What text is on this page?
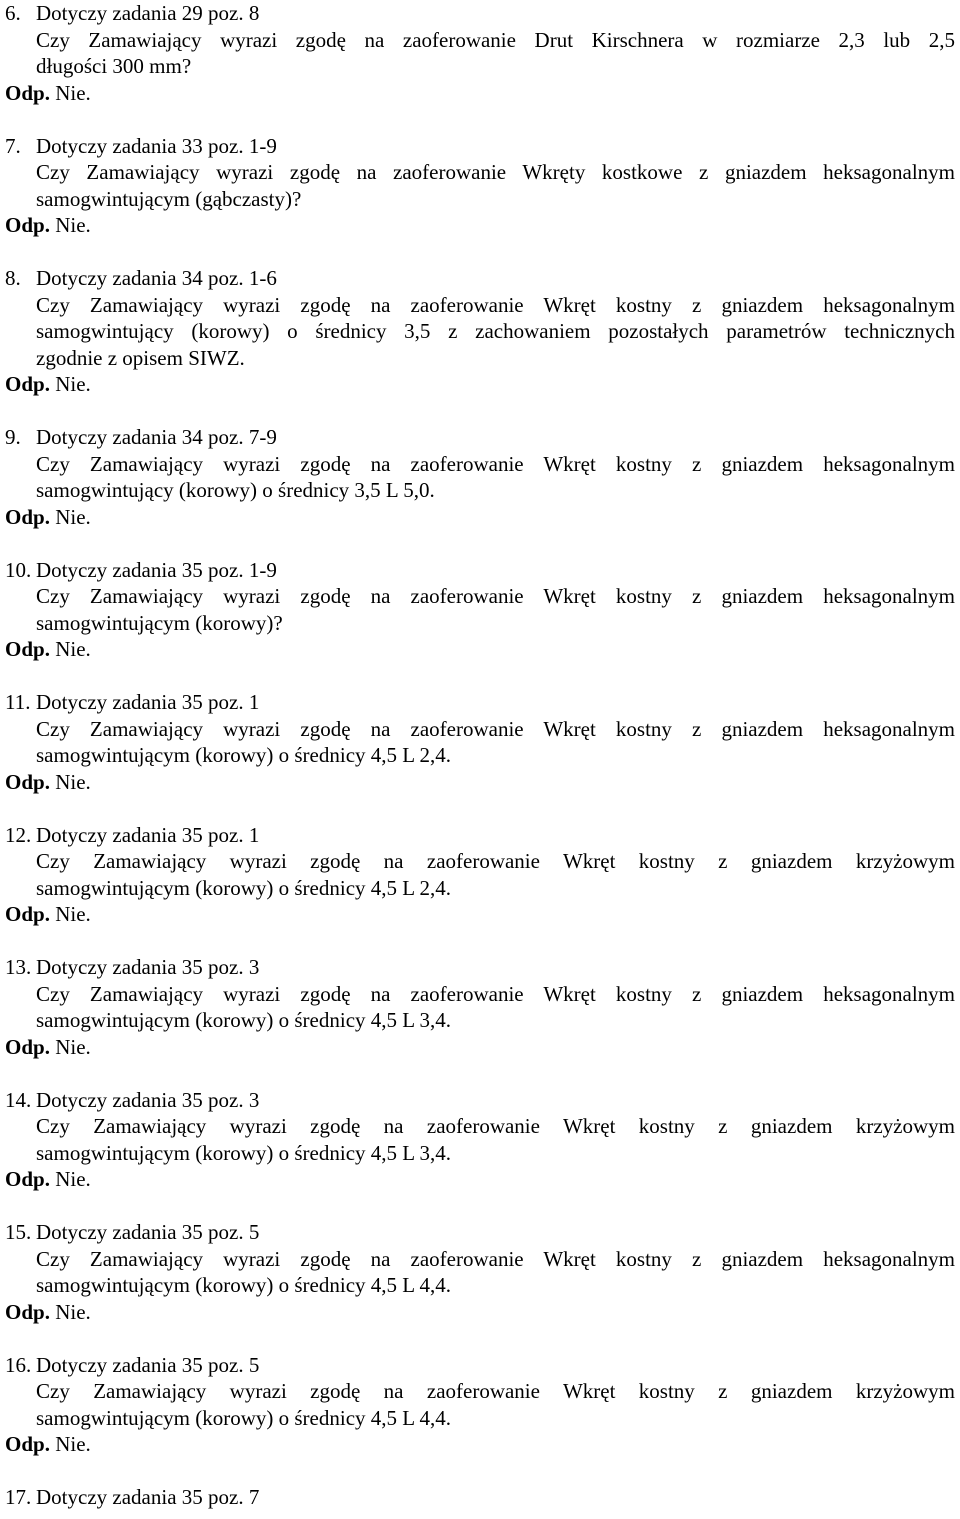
6. Dotyczy zadania 29 poz. 8
Czy Zamawiający wyrazi zgodę na zaoferowanie Drut Kirschnera w rozmiarze 2,3 lub 2,5
długości 300 mm?
Odp. Nie.
7. Dotyczy zadania 33 poz. 1-9
Czy Zamawiający wyrazi zgodę na zaoferowanie Wkręty kostkowe z gniazdem heksagonalnym
samogwintującym (gąbczasty)?
Odp. Nie.
8. Dotyczy zadania 34 poz. 1-6
Czy Zamawiający wyrazi zgodę na zaoferowanie Wkręt kostny z gniazdem heksagonalnym
samogwintujący (korowy) o średnicy 3,5 z zachowaniem pozostałych parametrów technicznych
zgodnie z opisem SIWZ.
Odp. Nie.
9. Dotyczy zadania 34 poz. 7-9
Czy Zamawiający wyrazi zgodę na zaoferowanie Wkręt kostny z gniazdem heksagonalnym
samogwintujący (korowy) o średnicy 3,5 L 5,0.
Odp. Nie.
10. Dotyczy zadania 35 poz. 1-9
Czy Zamawiający wyrazi zgodę na zaoferowanie Wkręt kostny z gniazdem heksagonalnym
samogwintującym (korowy)?
Odp. Nie.
11. Dotyczy zadania 35 poz. 1
Czy Zamawiający wyrazi zgodę na zaoferowanie Wkręt kostny z gniazdem heksagonalnym
samogwintującym (korowy) o średnicy 4,5 L 2,4.
Odp. Nie.
12. Dotyczy zadania 35 poz. 1
Czy Zamawiający wyrazi zgodę na zaoferowanie Wkręt kostny z gniazdem krzyżowym
samogwintującym (korowy) o średnicy 4,5 L 2,4.
Odp. Nie.
13. Dotyczy zadania 35 poz. 3
Czy Zamawiający wyrazi zgodę na zaoferowanie Wkręt kostny z gniazdem heksagonalnym
samogwintującym (korowy) o średnicy 4,5 L 3,4.
Odp. Nie.
14. Dotyczy zadania 35 poz. 3
Czy Zamawiający wyrazi zgodę na zaoferowanie Wkręt kostny z gniazdem krzyżowym
samogwintującym (korowy) o średnicy 4,5 L 3,4.
Odp. Nie.
15. Dotyczy zadania 35 poz. 5
Czy Zamawiający wyrazi zgodę na zaoferowanie Wkręt kostny z gniazdem heksagonalnym
samogwintującym (korowy) o średnicy 4,5 L 4,4.
Odp. Nie.
16. Dotyczy zadania 35 poz. 5
Czy Zamawiający wyrazi zgodę na zaoferowanie Wkręt kostny z gniazdem krzyżowym
samogwintującym (korowy) o średnicy 4,5 L 4,4.
Odp. Nie.
17. Dotyczy zadania 35 poz. 7
